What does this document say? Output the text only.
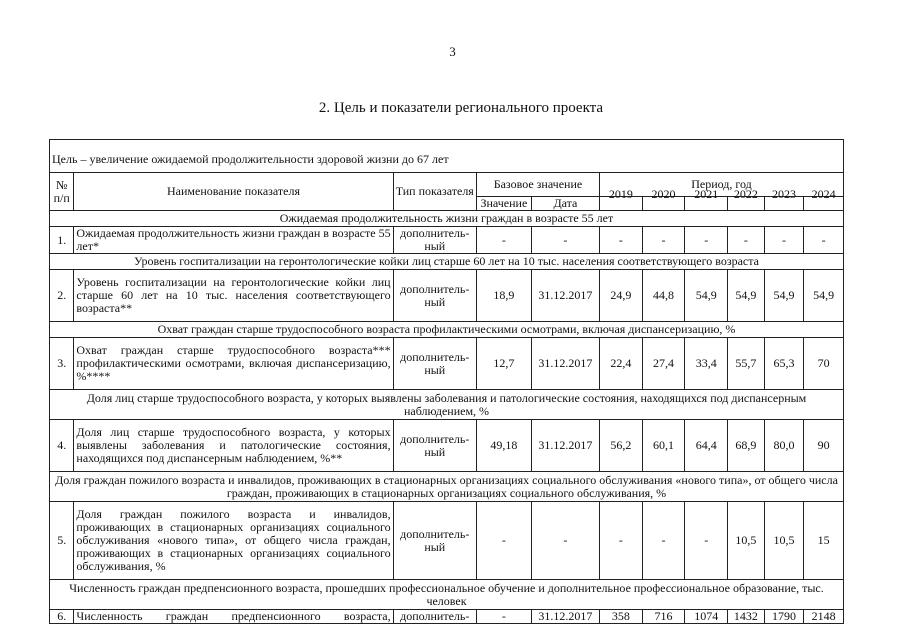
3
2. Цель и показатели регионального проекта
Цель – увеличение ожидаемой продолжительности здоровой жизни до 67 лет
№ п/п	Наименование показателя	Тип показателя	Базовое значение		Период, год					
			Значение	Дата	2019	2020	2021	2022	2023	2024
Ожидаемая продолжительность жизни граждан в возрасте 55 лет										
1.	Ожидаемая продолжительность жизни граждан в возрасте 55 лет*	дополнитель-ный	-	-	-	-	-	-	-	-
Уровень госпитализации на геронтологические койки лиц старше 60 лет на 10 тыс. населения соответствующего возраста										
2.	Уровень госпитализации на геронтологические койки лиц старше 60 лет на 10 тыс. населения соответствующего возраста**	дополнитель-ный	18,9	31.12.2017	24,9	44,8	54,9	54,9	54,9	54,9
Охват граждан старше трудоспособного возраста профилактическими осмотрами, включая диспансеризацию, %										
3.	Охват граждан старше трудоспособного возраста*** профилактическими осмотрами, включая диспансеризацию, %****	дополнитель-ный	12,7	31.12.2017	22,4	27,4	33,4	55,7	65,3	70
Доля лиц старше трудоспособного возраста, у которых выявлены заболевания и патологические состояния, находящихся под диспансерным наблюдением, %										
4.	Доля лиц старше трудоспособного возраста, у которых выявлены заболевания и патологические состояния, находящихся под диспансерным наблюдением, %**	дополнитель-ный	49,18	31.12.2017	56,2	60,1	64,4	68,9	80,0	90
Доля граждан пожилого возраста и инвалидов, проживающих в стационарных организациях социального обслуживания «нового типа», от общего числа граждан, проживающих в стационарных организациях социального обслуживания, %										
5.	Доля граждан пожилого возраста и инвалидов, проживающих в стационарных организациях социального обслуживания «нового типа», от общего числа граждан, проживающих в стационарных организациях социального обслуживания, %	дополнитель-ный	-	-	-	-	-	10,5	10,5	15
Численность граждан предпенсионного возраста, прошедших профессиональное обучение и дополнительное профессиональное образование, тыс. человек										
6.	Численность граждан предпенсионного возраста,	дополнитель-	-	31.12.2017	358	716	1074	1432	1790	2148
